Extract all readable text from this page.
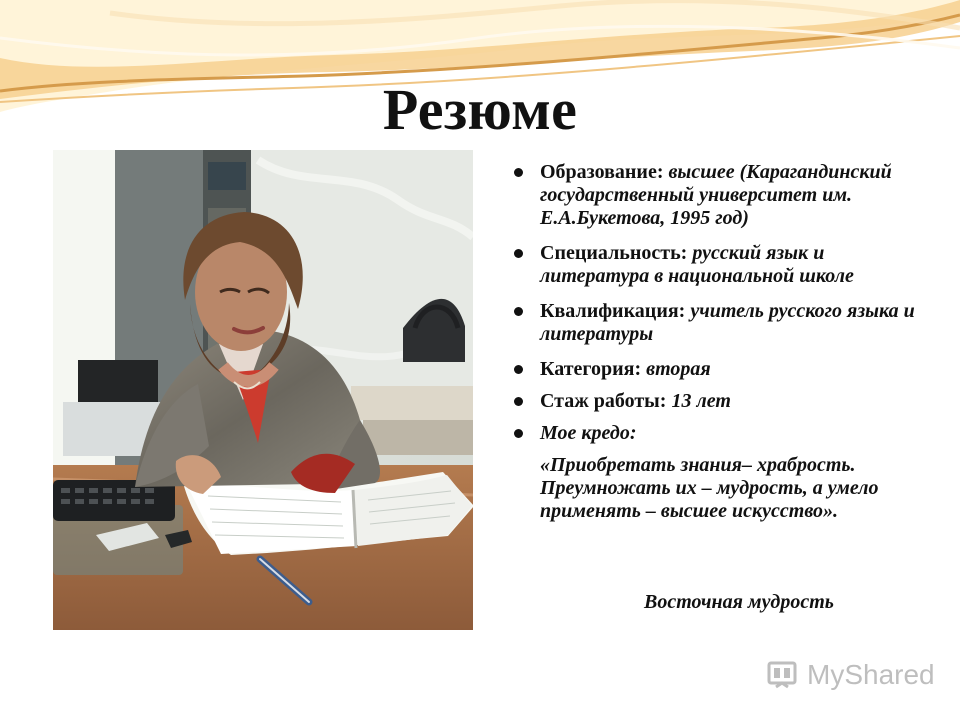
Резюме
Образование: высшее (Карагандинский государственный университет им. Е.А.Букетова, 1995 год)
Специальность: русский язык и литература в национальной школе
Квалификация: учитель русского языка и литературы
Категория: вторая
Стаж работы: 13 лет
Мое кредо:
«Приобретать знания– храбрость. Преумножать их – мудрость, а умело применять – высшее искусство».
Восточная мудрость
MyShared
